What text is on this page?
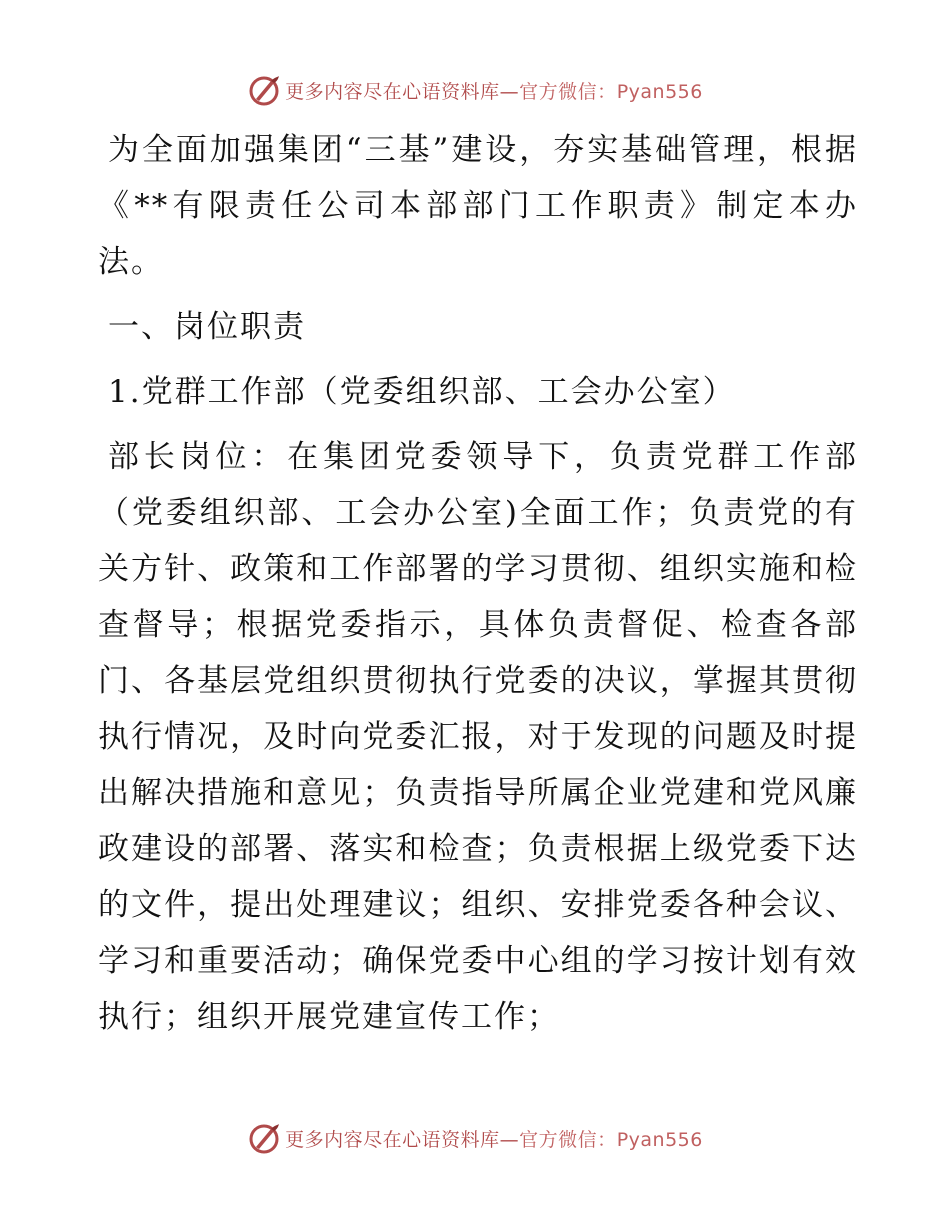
更多内容尽在心语资料库—官方微信：Pyan556

为全面加强集团“三基”建设，夯实基础管理，根据《**有限责任公司本部部门工作职责》制定本办法。

一、岗位职责

1.党群工作部（党委组织部、工会办公室）

部长岗位：在集团党委领导下，负责党群工作部（党委组织部、工会办公室)全面工作；负责党的有关方针、政策和工作部署的学习贯彻、组织实施和检查督导；根据党委指示，具体负责督促、检查各部门、各基层党组织贯彻执行党委的决议，掌握其贯彻执行情况，及时向党委汇报，对于发现的问题及时提出解决措施和意见；负责指导所属企业党建和党风廉政建设的部署、落实和检查；负责根据上级党委下达的文件，提出处理建议；组织、安排党委各种会议、学习和重要活动；确保党委中心组的学习按计划有效执行；组织开展党建宣传工作；

更多内容尽在心语资料库—官方微信：Pyan556
